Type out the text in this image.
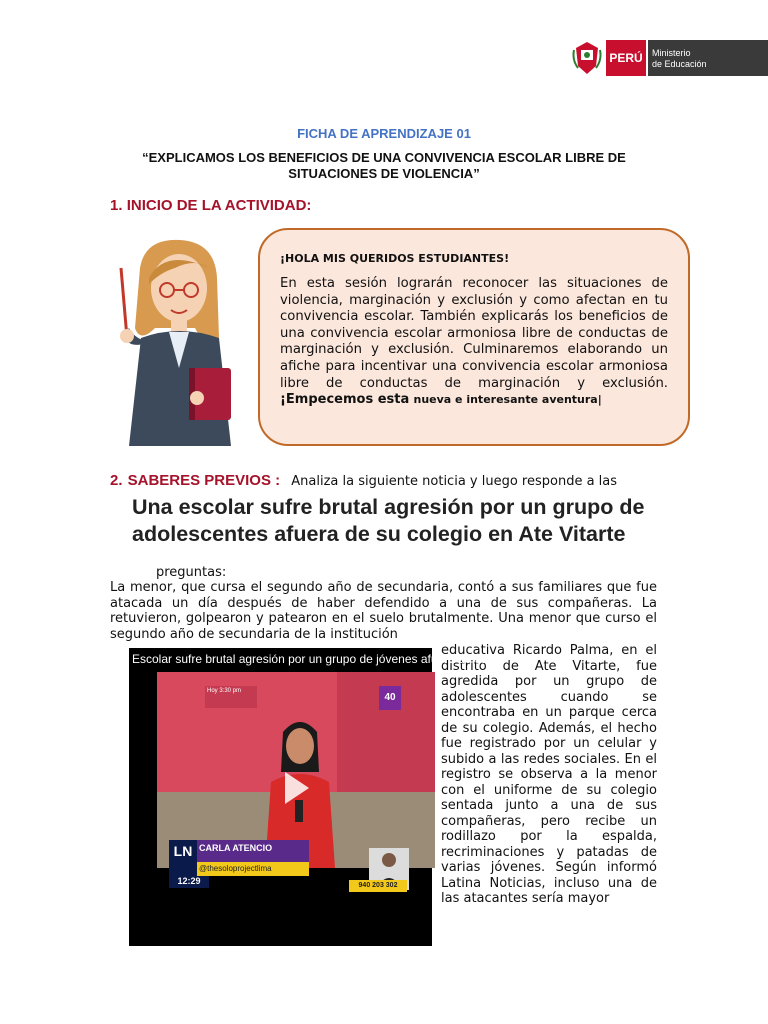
PERÚ	Ministerio
de Educación
FICHA DE APRENDIZAJE 01
“EXPLICAMOS LOS BENEFICIOS DE UNA CONVIVENCIA ESCOLAR LIBRE DE
SITUACIONES DE VIOLENCIA”
1. INICIO DE LA ACTIVIDAD:
¡HOLA MIS QUERIDOS ESTUDIANTES!
En esta sesión lograrán reconocer las situaciones de violencia, marginación y exclusión y como afectan en tu convivencia escolar. También explicarás los beneficios de una convivencia escolar armoniosa libre de conductas de marginación y exclusión. Culminaremos elaborando un afiche para incentivar una convivencia escolar armoniosa libre de conductas de marginación y exclusión. ¡Empecemos esta nueva e interesante aventura|
2. SABERES PREVIOS : Analiza la siguiente noticia y luego responde a las
Una escolar sufre brutal agresión por un grupo de
adolescentes afuera de su colegio en Ate Vitarte
preguntas:
La menor, que cursa el segundo año de secundaria, contó a sus familiares que fue atacada un día después de haber defendido a una de sus compañeras. La retuvieron, golpearon y patearon en el suelo brutalmente. Una menor que curso el segundo año de secundaria de la institución
educativa Ricardo Palma, en el distrito de Ate Vitarte, fue agredida por un grupo de adolescentes cuando se encontraba en un parque cerca de su colegio. Además, el hecho fue registrado por un celular y subido a las redes sociales. En el registro se observa a la menor con el uniforme de su colegio sentada junto a una de sus compañeras, pero recibe un rodillazo por la espalda, recriminaciones y patadas de varias jóvenes. Según informó Latina Noticias, incluso una de las atacantes sería mayor
Escolar sufre brutal agresión por un grupo de jóvenes afuera de su ...
Hoy 3:30 pm
40
CARLA ATENCIO
@thesoloprojectlima
LN
12:29	940 203 302
